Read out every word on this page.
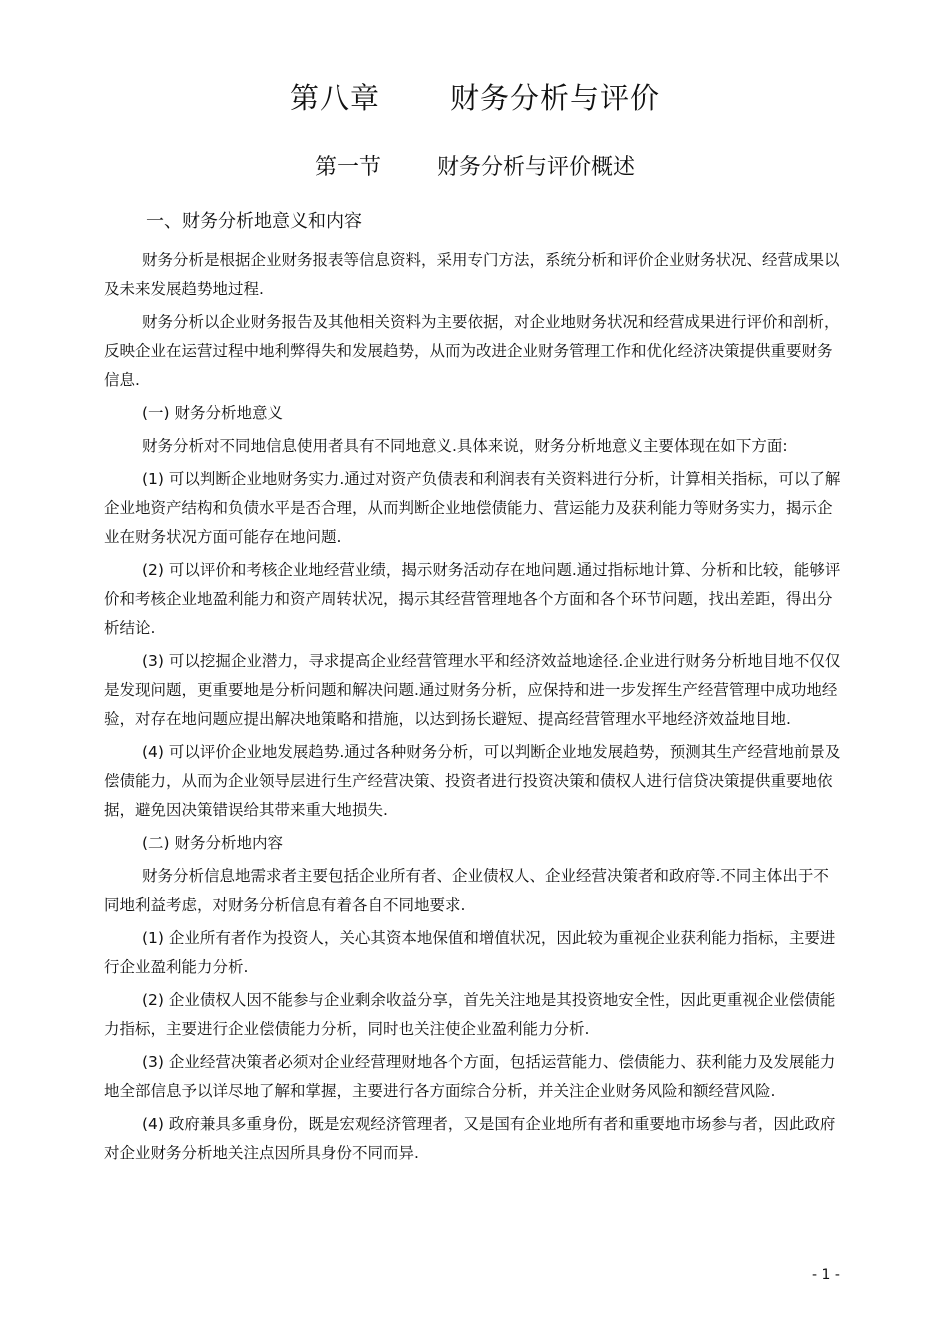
第八章 财务分析与评价
第一节	财务分析与评价概述
一、财务分析地意义和内容

财务分析是根据企业财务报表等信息资料，采用专门方法，系统分析和评价企业财务状况、经营成果以及未来发展趋势地过程.

财务分析以企业财务报告及其他相关资料为主要依据，对企业地财务状况和经营成果进行评价和剖析，反映企业在运营过程中地利弊得失和发展趋势，从而为改进企业财务管理工作和优化经济决策提供重要财务信息.

(一) 财务分析地意义

财务分析对不同地信息使用者具有不同地意义.具体来说，财务分析地意义主要体现在如下方面:

(1) 可以判断企业地财务实力.通过对资产负债表和利润表有关资料进行分析，计算相关指标，可以了解企业地资产结构和负债水平是否合理，从而判断企业地偿债能力、营运能力及获利能力等财务实力，揭示企业在财务状况方面可能存在地问题.

(2) 可以评价和考核企业地经营业绩，揭示财务活动存在地问题.通过指标地计算、分析和比较，能够评价和考核企业地盈利能力和资产周转状况，揭示其经营管理地各个方面和各个环节问题，找出差距，得出分析结论.

(3) 可以挖掘企业潜力，寻求提高企业经营管理水平和经济效益地途径.企业进行财务分析地目地不仅仅是发现问题，更重要地是分析问题和解决问题.通过财务分析，应保持和进一步发挥生产经营管理中成功地经验，对存在地问题应提出解决地策略和措施，以达到扬长避短、提高经营管理水平地经济效益地目地.

(4) 可以评价企业地发展趋势.通过各种财务分析，可以判断企业地发展趋势，预测其生产经营地前景及偿债能力，从而为企业领导层进行生产经营决策、投资者进行投资决策和债权人进行信贷决策提供重要地依据，避免因决策错误给其带来重大地损失.

(二) 财务分析地内容

财务分析信息地需求者主要包括企业所有者、企业债权人、企业经营决策者和政府等.不同主体出于不同地利益考虑，对财务分析信息有着各自不同地要求.

(1) 企业所有者作为投资人，关心其资本地保值和增值状况，因此较为重视企业获利能力指标，主要进行企业盈利能力分析.

(2) 企业债权人因不能参与企业剩余收益分享，首先关注地是其投资地安全性，因此更重视企业偿债能力指标，主要进行企业偿债能力分析，同时也关注使企业盈利能力分析.

(3) 企业经营决策者必须对企业经营理财地各个方面，包括运营能力、偿债能力、获利能力及发展能力地全部信息予以详尽地了解和掌握，主要进行各方面综合分析，并关注企业财务风险和额经营风险.

(4) 政府兼具多重身份，既是宏观经济管理者，又是国有企业地所有者和重要地市场参与者，因此政府对企业财务分析地关注点因所具身份不同而异.

- 1 -
